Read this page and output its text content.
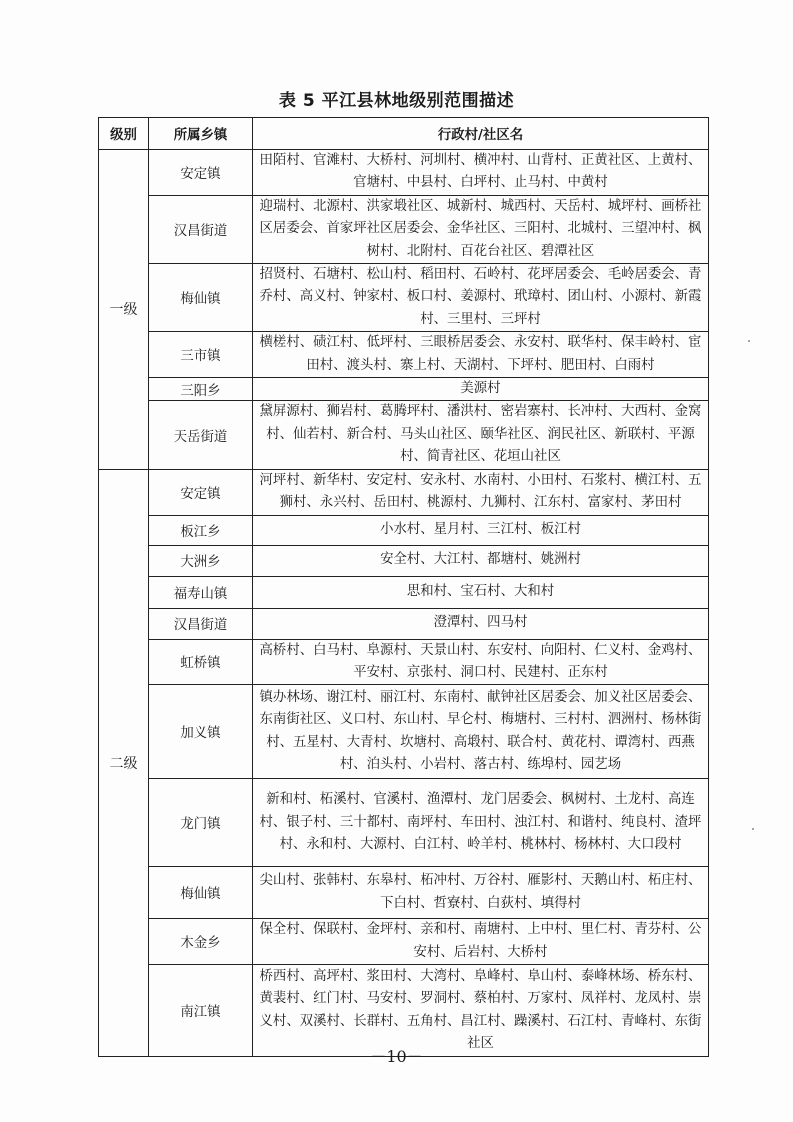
表 5 平江县林地级别范围描述
级别	所属乡镇	行政村/社区名
一级	安定镇	田陌村、官滩村、大桥村、河圳村、横冲村、山背村、正黄社区、上黄村、官塘村、中县村、白坪村、止马村、中黄村
	汉昌街道	迎瑞村、北源村、洪家塅社区、城新村、城西村、天岳村、城坪村、画桥社区居委会、首家坪社区居委会、金华社区、三阳村、北城村、三望冲村、枫树村、北附村、百花台社区、碧潭社区
	梅仙镇	招贤村、石塘村、松山村、稻田村、石岭村、花坪居委会、毛岭居委会、青乔村、高义村、钟家村、板口村、姜源村、玳璋村、团山村、小源村、新霞村、三里村、三坪村
	三市镇	横槎村、碛江村、低坪村、三眼桥居委会、永安村、联华村、保丰岭村、宦田村、渡头村、寨上村、天湖村、下坪村、肥田村、白雨村
	三阳乡	美源村
	天岳街道	黛屏源村、狮岩村、葛腾坪村、潘洪村、密岩寨村、长冲村、大西村、金窝村、仙若村、新合村、马头山社区、颐华社区、润民社区、新联村、平源村、简青社区、花垣山社区
二级	安定镇	河坪村、新华村、安定村、安永村、水南村、小田村、石浆村、横江村、五狮村、永兴村、岳田村、桃源村、九狮村、江东村、富家村、茅田村
	板江乡	小水村、星月村、三江村、板江村
	大洲乡	安全村、大江村、都塘村、姚洲村
	福寿山镇	思和村、宝石村、大和村
	汉昌街道	澄潭村、四马村
	虹桥镇	高桥村、白马村、阜源村、天景山村、东安村、向阳村、仁义村、金鸡村、平安村、京张村、洞口村、民建村、正东村
	加义镇	镇办林场、谢江村、丽江村、东南村、献钟社区居委会、加义社区居委会、东南街社区、义口村、东山村、早仑村、梅塘村、三村村、泗洲村、杨林街村、五星村、大青村、坎塘村、高塅村、联合村、黄花村、谭湾村、西燕村、泊头村、小岩村、落古村、练埠村、园艺场
	龙门镇	新和村、柘溪村、官溪村、渔潭村、龙门居委会、枫树村、土龙村、高连村、银子村、三十都村、南坪村、车田村、浊江村、和谐村、纯良村、渣坪村、永和村、大源村、白江村、岭羊村、桃林村、杨林村、大口段村
	梅仙镇	尖山村、张韩村、东皋村、柘冲村、万谷村、雁影村、天鹅山村、柘庄村、下白村、哲寮村、白荻村、填得村
	木金乡	保全村、保联村、金坪村、亲和村、南塘村、上中村、里仁村、青芬村、公安村、后岩村、大桥村
	南江镇	桥西村、高坪村、浆田村、大湾村、阜峰村、阜山村、泰峰林场、桥东村、黄裴村、红门村、马安村、罗洞村、蔡柏村、万家村、凤祥村、龙凤村、崇义村、双溪村、长群村、五角村、昌江村、躁溪村、石江村、青峰村、东街社区
－10－
